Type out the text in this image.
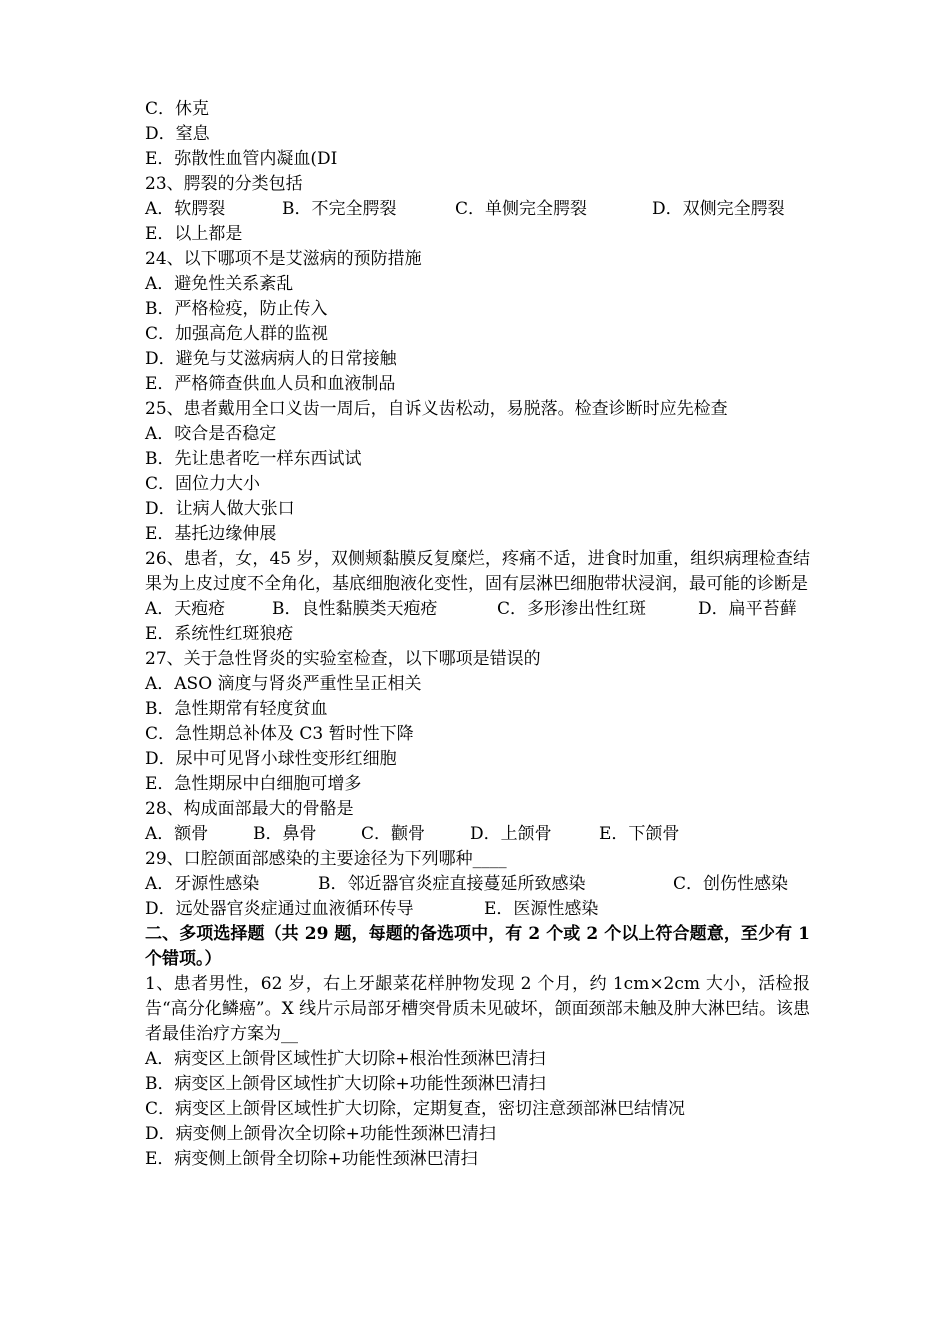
C．休克
D．窒息
E．弥散性血管内凝血(DI
23、腭裂的分类包括
A．软腭裂	B．不完全腭裂	C．单侧完全腭裂	D．双侧完全腭裂
E．以上都是
24、以下哪项不是艾滋病的预防措施
A．避免性关系紊乱
B．严格检疫，防止传入
C．加强高危人群的监视
D．避免与艾滋病病人的日常接触
E．严格筛查供血人员和血液制品
25、患者戴用全口义齿一周后，自诉义齿松动，易脱落。检查诊断时应先检查
A．咬合是否稳定
B．先让患者吃一样东西试试
C．固位力大小
D．让病人做大张口
E．基托边缘伸展
26、患者，女，45 岁，双侧颊黏膜反复糜烂，疼痛不适，进食时加重，组织病理检查结果为上皮过度不全角化，基底细胞液化变性，固有层淋巴细胞带状浸润，最可能的诊断是
A．天疱疮	B．良性黏膜类天疱疮	C．多形渗出性红斑	D．扁平苔藓
E．系统性红斑狼疮
27、关于急性肾炎的实验室检查，以下哪项是错误的
A．ASO 滴度与肾炎严重性呈正相关
B．急性期常有轻度贫血
C．急性期总补体及 C3 暂时性下降
D．尿中可见肾小球性变形红细胞
E．急性期尿中白细胞可增多
28、构成面部最大的骨骼是
A．额骨	B．鼻骨	C．颧骨	D．上颌骨	E．下颌骨
29、口腔颌面部感染的主要途径为下列哪种____
A．牙源性感染	B．邻近器官炎症直接蔓延所致感染	C．创伤性感染
D．远处器官炎症通过血液循环传导	E．医源性感染
二、多项选择题（共 29 题，每题的备选项中，有 2 个或 2 个以上符合题意，至少有 1 个错项。）
1、患者男性，62 岁，右上牙龈菜花样肿物发现 2 个月，约 1cm×2cm 大小，活检报告“高分化鳞癌”。X 线片示局部牙槽突骨质未见破坏，颌面颈部未触及肿大淋巴结。该患者最佳治疗方案为__
A．病变区上颌骨区域性扩大切除+根治性颈淋巴清扫
B．病变区上颌骨区域性扩大切除+功能性颈淋巴清扫
C．病变区上颌骨区域性扩大切除，定期复查，密切注意颈部淋巴结情况
D．病变侧上颌骨次全切除+功能性颈淋巴清扫
E．病变侧上颌骨全切除+功能性颈淋巴清扫
